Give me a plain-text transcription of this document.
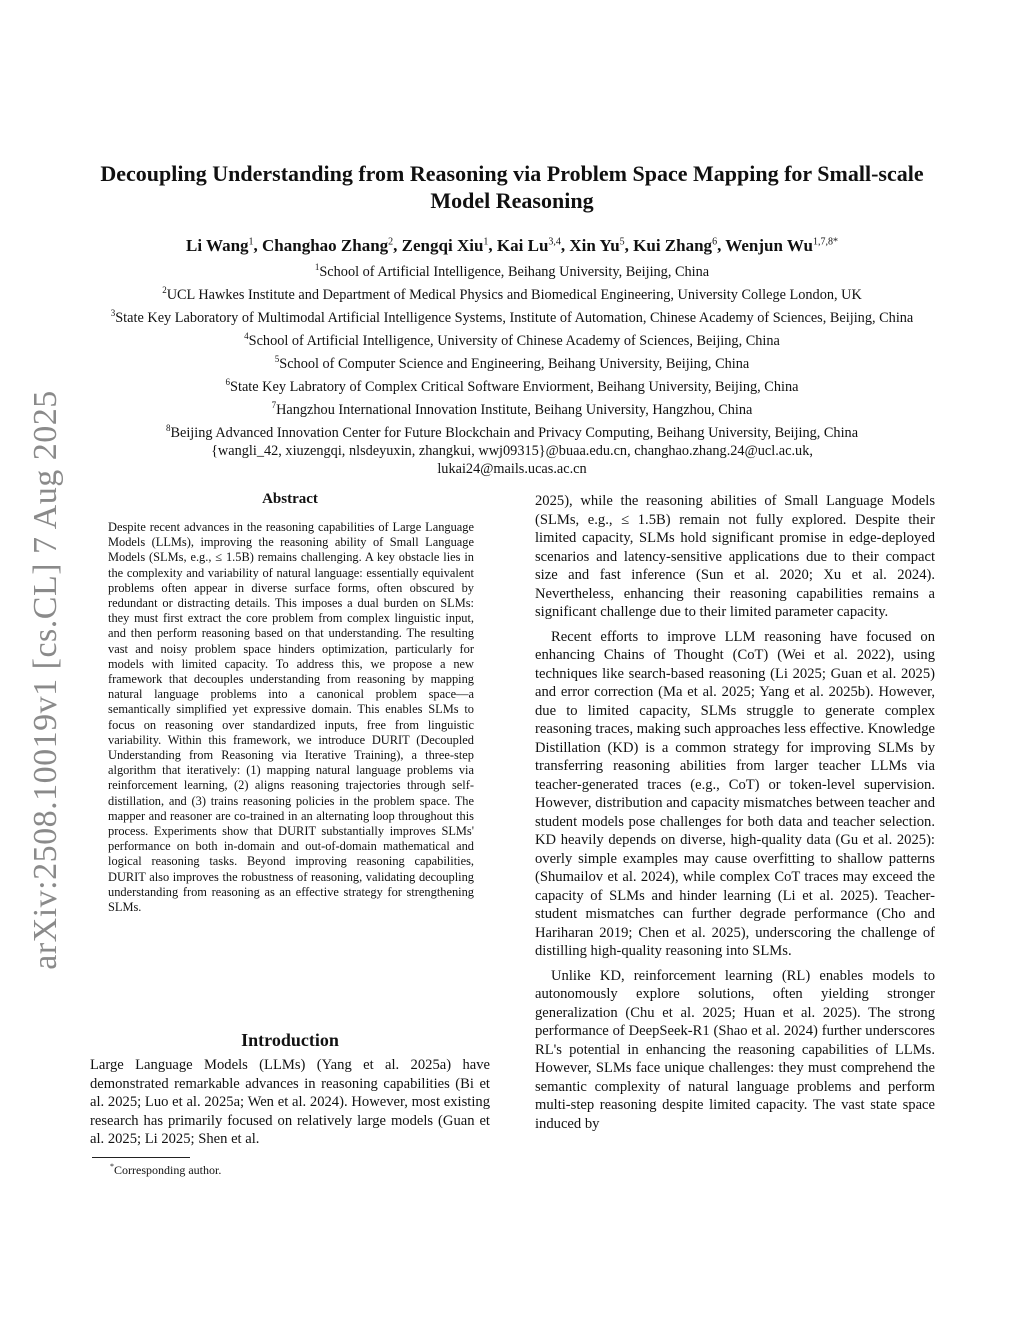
arXiv:2508.10019v1 [cs.CL] 7 Aug 2025
Decoupling Understanding from Reasoning via Problem Space Mapping for Small-scale Model Reasoning
Li Wang$^1$, Changhao Zhang$^2$, Zengqi Xiu$^1$, Kai Lu$^{3,4}$, Xin Yu$^5$, Kui Zhang$^6$, Wenjun $Wu^{1,7,8*}$
$^1$School of Artificial Intelligence, Beihang University, Beijing, China
$^2$UCL Hawkes Institute and Department of Medical Physics and Biomedical Engineering, University College London, UK
$^3$State Key Laboratory of Multimodal Artificial Intelligence Systems, Institute of Automation, Chinese Academy of Sciences, Beijing, China
$^4$School of Artificial Intelligence, University of Chinese Academy of Sciences, Beijing, China
$^5$School of Computer Science and Engineering, Beihang University, Beijing, China
$^6$State Key Labratory of Complex Critical Software Enviorment, Beihang University, Beijing, China
$^7$Hangzhou International Innovation Institute, Beihang University, Hangzhou, China
$^8$Beijing Advanced Innovation Center for Future Blockchain and Privacy Computing, Beihang University, Beijing, China
{wangli_42, xiuzengqi, nlsdeyuxin, zhangkui, wwj09315}@buaa.edu.cn, changhao.zhang.24@ucl.ac.uk,
lukai24@mails.ucas.ac.cn
Abstract
Despite recent advances in the reasoning capabilities of Large Language Models (LLMs), improving the reasoning ability of Small Language Models (SLMs, e.g., ≤ 1.5B) remains challenging. A key obstacle lies in the complexity and variability of natural language: essentially equivalent problems often appear in diverse surface forms, often obscured by redundant or distracting details. This imposes a dual burden on SLMs: they must first extract the core problem from complex linguistic input, and then perform reasoning based on that understanding. The resulting vast and noisy problem space hinders optimization, particularly for models with limited capacity. To address this, we propose a new framework that decouples understanding from reasoning by mapping natural language problems into a canonical problem space—a semantically simplified yet expressive domain. This enables SLMs to focus on reasoning over standardized inputs, free from linguistic variability. Within this framework, we introduce DURIT (Decoupled Understanding from Reasoning via Iterative Training), a three-step algorithm that iteratively: (1) mapping natural language problems via reinforcement learning, (2) aligns reasoning trajectories through self-distillation, and (3) trains reasoning policies in the problem space. The mapper and reasoner are co-trained in an alternating loop throughout this process. Experiments show that DURIT substantially improves SLMs' performance on both in-domain and out-of-domain mathematical and logical reasoning tasks. Beyond improving reasoning capabilities, DURIT also improves the robustness of reasoning, validating decoupling understanding from reasoning as an effective strategy for strengthening SLMs.
Introduction
Large Language Models (LLMs) (Yang et al. 2025a) have demonstrated remarkable advances in reasoning capabilities (Bi et al. 2025; Luo et al. 2025a; Wen et al. 2024). However, most existing research has primarily focused on relatively large models (Guan et al. 2025; Li 2025; Shen et al.

2025), while the reasoning abilities of Small Language Models (SLMs, e.g., ≤ 1.5B) remain not fully explored. Despite their limited capacity, SLMs hold significant promise in edge-deployed scenarios and latency-sensitive applications due to their compact size and fast inference (Sun et al. 2020; Xu et al. 2024). Nevertheless, enhancing their reasoning capabilities remains a significant challenge due to their limited parameter capacity.

Recent efforts to improve LLM reasoning have focused on enhancing Chains of Thought (CoT) (Wei et al. 2022), using techniques like search-based reasoning (Li 2025; Guan et al. 2025) and error correction (Ma et al. 2025; Yang et al. 2025b). However, due to limited capacity, SLMs struggle to generate complex reasoning traces, making such approaches less effective. Knowledge Distillation (KD) is a common strategy for improving SLMs by transferring reasoning abilities from larger teacher LLMs via teacher-generated traces (e.g., CoT) or token-level supervision. However, distribution and capacity mismatches between teacher and student models pose challenges for both data and teacher selection. KD heavily depends on diverse, high-quality data (Gu et al. 2025): overly simple examples may cause overfitting to shallow patterns (Shumailov et al. 2024), while complex CoT traces may exceed the capacity of SLMs and hinder learning (Li et al. 2025). Teacher-student mismatches can further degrade performance (Cho and Hariharan 2019; Chen et al. 2025), underscoring the challenge of distilling high-quality reasoning into SLMs.

Unlike KD, reinforcement learning (RL) enables models to autonomously explore solutions, often yielding stronger generalization (Chu et al. 2025; Huan et al. 2025). The strong performance of DeepSeek-R1 (Shao et al. 2024) further underscores RL's potential in enhancing the reasoning capabilities of LLMs. However, SLMs face unique challenges: they must comprehend the semantic complexity of natural language problems and perform multi-step reasoning despite limited capacity. The vast state space induced by

*Corresponding author.
